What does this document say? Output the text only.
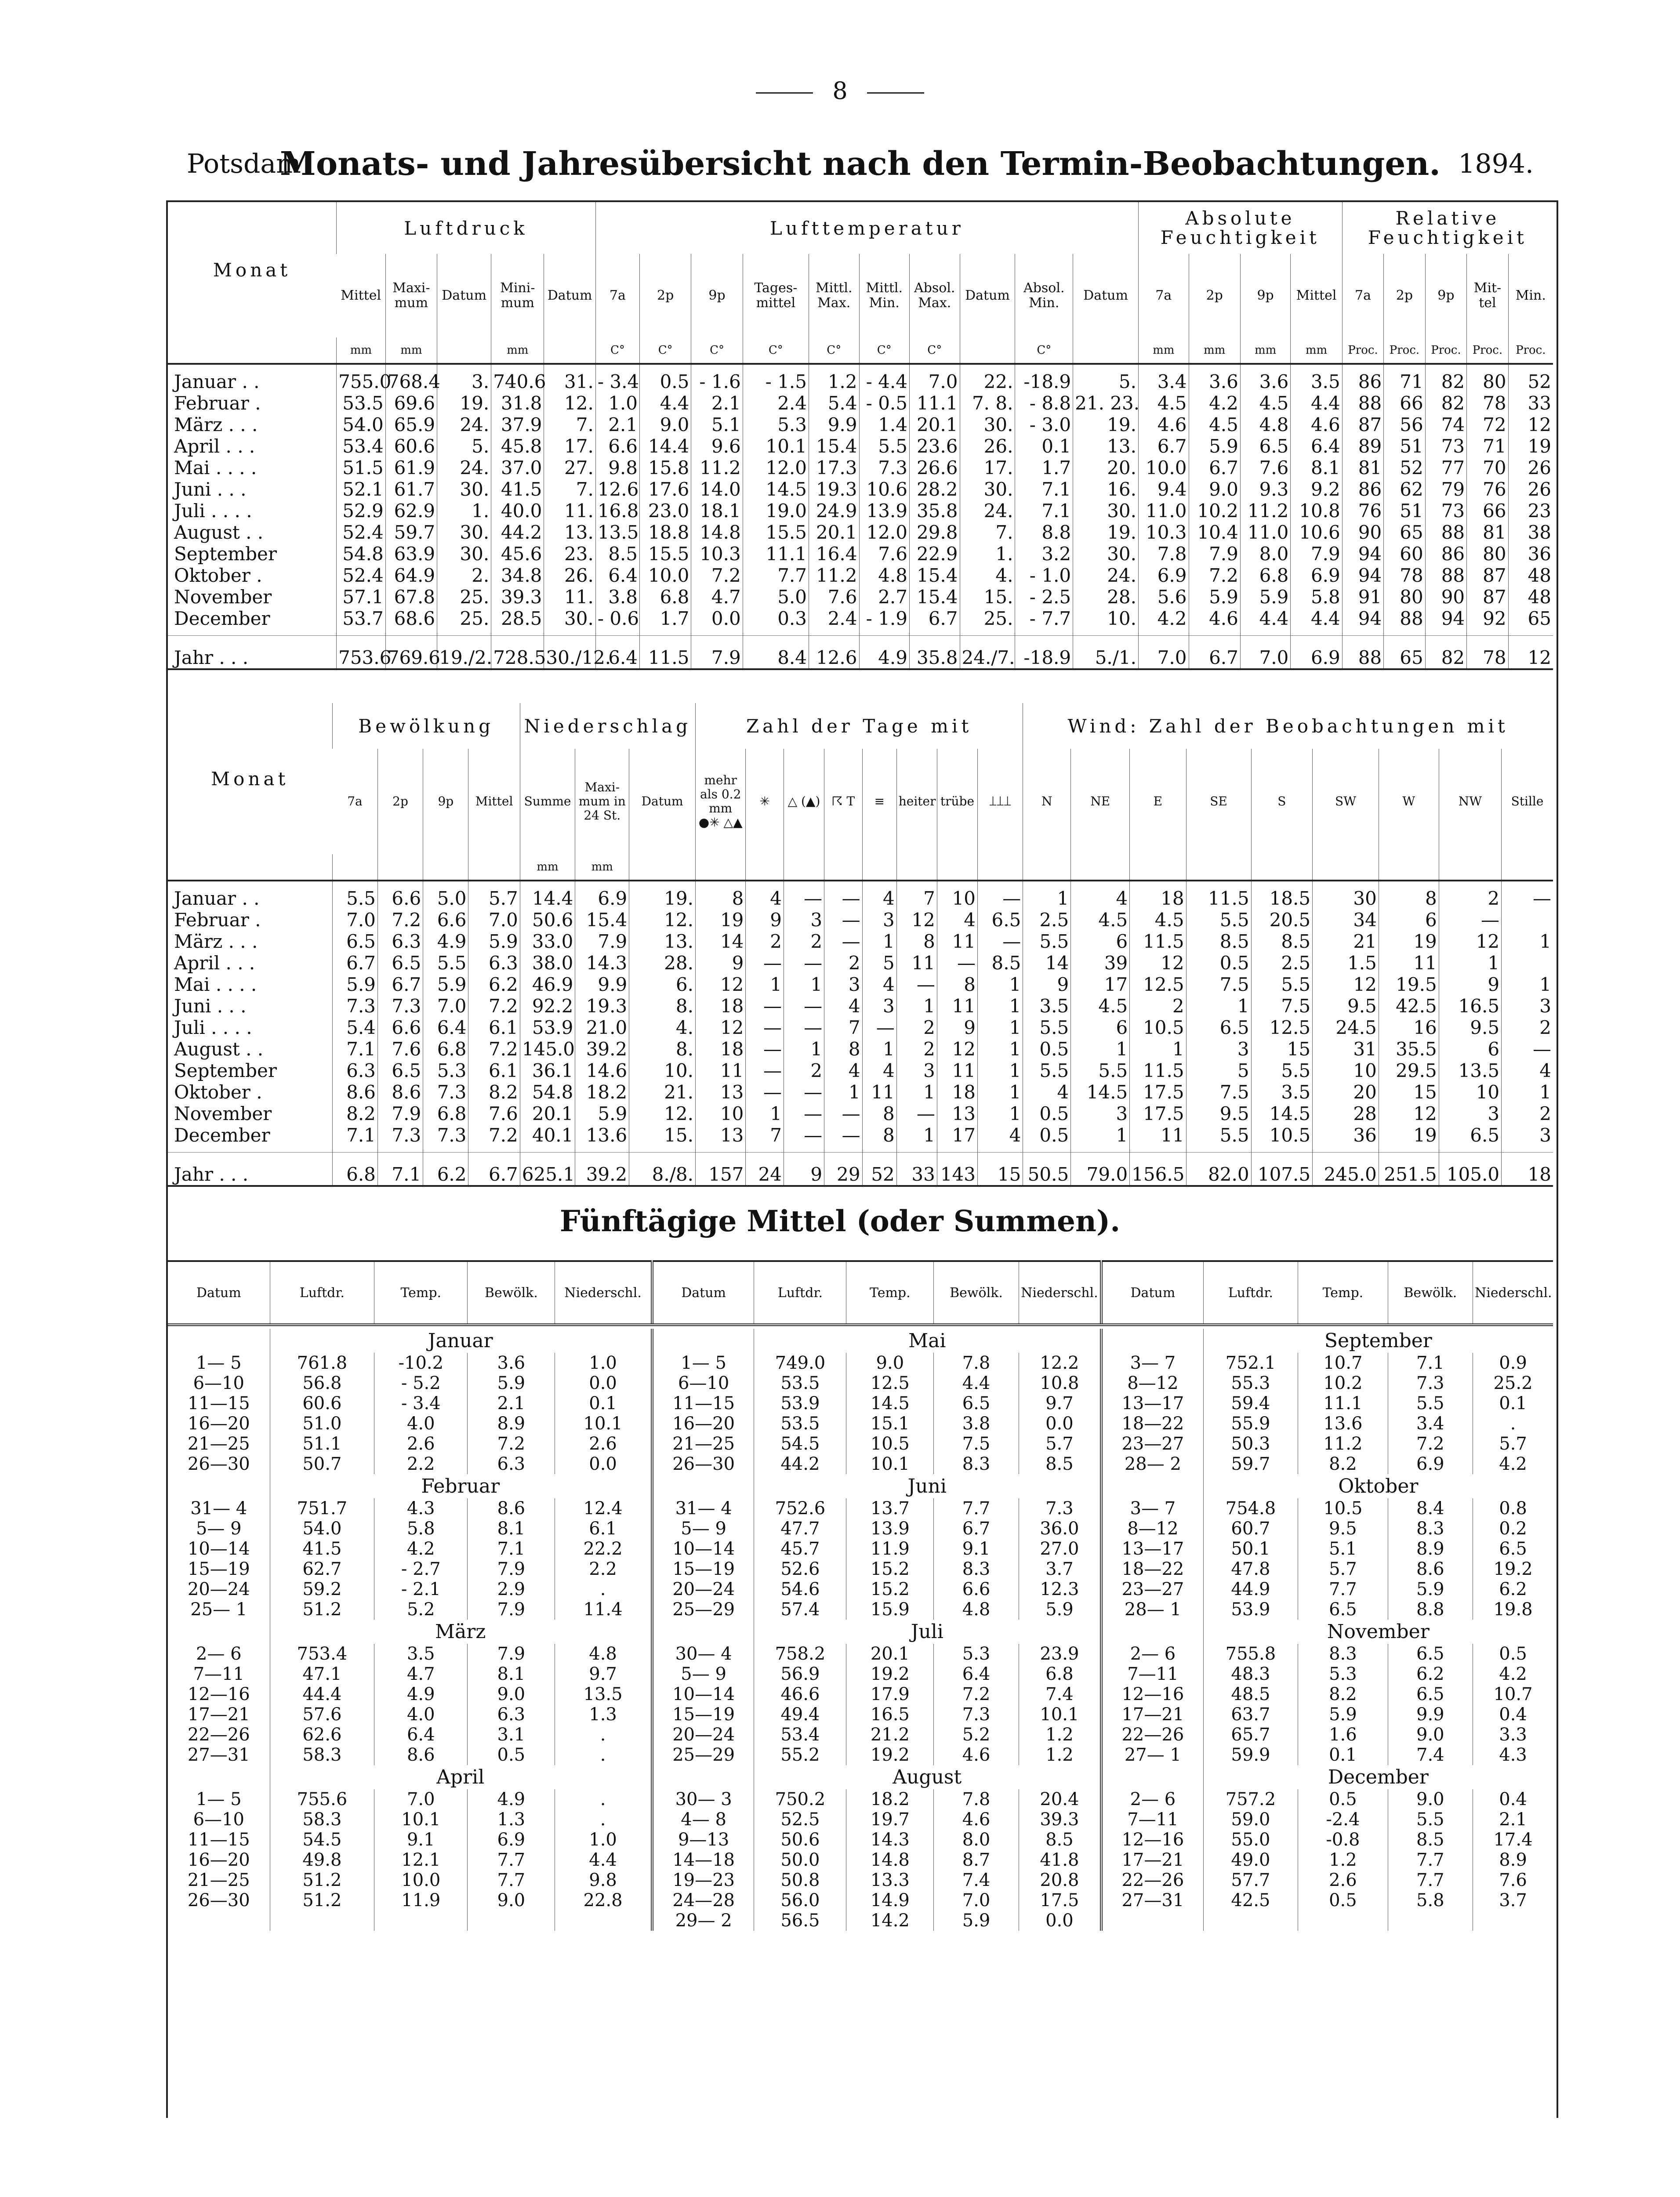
8
Potsdam
Monats- und Jahresübersicht nach den Termin-Beobachtungen. 1894.
Monat	Luftdruck					Lufttemperatur										Absolute Feuchtigkeit				Relative Feuchtigkeit				
	Mittel	Maxi-mum	Datum	Mini-mum	Datum	7a	2p	9p	Tages-mittel	Mittl. Max.	Mittl. Min.	Absol. Max.	Datum	Absol. Min.	Datum	7a	2p	9p	Mittel	7a	2p	9p	Mit-tel	Min.
	mm	mm		mm		C°	C°	C°	C°	C°	C°	C°		C°		mm	mm	mm	mm	Proc.	Proc.	Proc.	Proc.	Proc.

Januar . .	755.0	768.4	3.	740.6	31.	- 3.4	0.5	- 1.6	- 1.5	1.2	- 4.4	7.0	22.	-18.9	5.	3.4	3.6	3.6	3.5	86	71	82	80	52
Februar .	53.5	69.6	19.	31.8	12.	1.0	4.4	2.1	2.4	5.4	- 0.5	11.1	7. 8.	- 8.8	21. 23.	4.5	4.2	4.5	4.4	88	66	82	78	33
März . . .	54.0	65.9	24.	37.9	7.	2.1	9.0	5.1	5.3	9.9	1.4	20.1	30.	- 3.0	19.	4.6	4.5	4.8	4.6	87	56	74	72	12
April . . .	53.4	60.6	5.	45.8	17.	6.6	14.4	9.6	10.1	15.4	5.5	23.6	26.	0.1	13.	6.7	5.9	6.5	6.4	89	51	73	71	19
Mai . . . .	51.5	61.9	24.	37.0	27.	9.8	15.8	11.2	12.0	17.3	7.3	26.6	17.	1.7	20.	10.0	6.7	7.6	8.1	81	52	77	70	26
Juni . . .	52.1	61.7	30.	41.5	7.	12.6	17.6	14.0	14.5	19.3	10.6	28.2	30.	7.1	16.	9.4	9.0	9.3	9.2	86	62	79	76	26
Juli . . . .	52.9	62.9	1.	40.0	11.	16.8	23.0	18.1	19.0	24.9	13.9	35.8	24.	7.1	30.	11.0	10.2	11.2	10.8	76	51	73	66	23
August . .	52.4	59.7	30.	44.2	13.	13.5	18.8	14.8	15.5	20.1	12.0	29.8	7.	8.8	19.	10.3	10.4	11.0	10.6	90	65	88	81	38
September	54.8	63.9	30.	45.6	23.	8.5	15.5	10.3	11.1	16.4	7.6	22.9	1.	3.2	30.	7.8	7.9	8.0	7.9	94	60	86	80	36
Oktober .	52.4	64.9	2.	34.8	26.	6.4	10.0	7.2	7.7	11.2	4.8	15.4	4.	- 1.0	24.	6.9	7.2	6.8	6.9	94	78	88	87	48
November	57.1	67.8	25.	39.3	11.	3.8	6.8	4.7	5.0	7.6	2.7	15.4	15.	- 2.5	28.	5.6	5.9	5.9	5.8	91	80	90	87	48
December	53.7	68.6	25.	28.5	30.	- 0.6	1.7	0.0	0.3	2.4	- 1.9	6.7	25.	- 7.7	10.	4.2	4.6	4.4	4.4	94	88	94	92	65

Jahr . . .	753.6	769.6	19./2.	728.5	30./12.	6.4	11.5	7.9	8.4	12.6	4.9	35.8	24./7.	-18.9	5./1.	7.0	6.7	7.0	6.9	88	65	82	78	12
Monat	Bewölkung				Niederschlag			Zahl der Tage mit								Wind: Zahl der Beobachtungen mit								
	7a	2p	9p	Mittel	Summe	Maxi-mum in 24 St.	Datum	mehr als 0.2 mm ●✳ △▲	✳	△ (▲)	☈ T	≡	heiter	trübe	⟘⟘⟘	N	NE	E	SE	S	SW	W	NW	Stille
					mm	mm																		

Januar . .	5.5	6.6	5.0	5.7	14.4	6.9	19.	8	4	—	—	4	7	10	—	1	4	18	11.5	18.5	30	8	2	—
Februar .	7.0	7.2	6.6	7.0	50.6	15.4	12.	19	9	3	—	3	12	4	6.5	2.5	4.5	4.5	5.5	20.5	34	6	—	
März . . .	6.5	6.3	4.9	5.9	33.0	7.9	13.	14	2	2	—	1	8	11	—	5.5	6	11.5	8.5	8.5	21	19	12	1
April . . .	6.7	6.5	5.5	6.3	38.0	14.3	28.	9	—	—	2	5	11	—	8.5	14	39	12	0.5	2.5	1.5	11	1	
Mai . . . .	5.9	6.7	5.9	6.2	46.9	9.9	6.	12	1	1	3	4	—	8	1	9	17	12.5	7.5	5.5	12	19.5	9	1
Juni . . .	7.3	7.3	7.0	7.2	92.2	19.3	8.	18	—	—	4	3	1	11	1	3.5	4.5	2	1	7.5	9.5	42.5	16.5	3
Juli . . . .	5.4	6.6	6.4	6.1	53.9	21.0	4.	12	—	—	7	—	2	9	1	5.5	6	10.5	6.5	12.5	24.5	16	9.5	2
August . .	7.1	7.6	6.8	7.2	145.0	39.2	8.	18	—	1	8	1	2	12	1	0.5	1	1	3	15	31	35.5	6	—
September	6.3	6.5	5.3	6.1	36.1	14.6	10.	11	—	2	4	4	3	11	1	5.5	5.5	11.5	5	5.5	10	29.5	13.5	4
Oktober .	8.6	8.6	7.3	8.2	54.8	18.2	21.	13	—	—	1	11	1	18	1	4	14.5	17.5	7.5	3.5	20	15	10	1
November	8.2	7.9	6.8	7.6	20.1	5.9	12.	10	1	—	—	8	—	13	1	0.5	3	17.5	9.5	14.5	28	12	3	2
December	7.1	7.3	7.3	7.2	40.1	13.6	15.	13	7	—	—	8	1	17	4	0.5	1	11	5.5	10.5	36	19	6.5	3

Jahr . . .	6.8	7.1	6.2	6.7	625.1	39.2	8./8.	157	24	9	29	52	33	143	15	50.5	79.0	156.5	82.0	107.5	245.0	251.5	105.0	18
Fünftägige Mittel (oder Summen).
Datum	Luftdr.	Temp.	Bewölk.	Niederschl.	Datum	Luftdr.	Temp.	Bewölk.	Niederschl.	Datum	Luftdr.	Temp.	Bewölk.	Niederschl.

	Januar					Mai					September			
1— 5	761.8	-10.2	3.6	1.0	1— 5	749.0	9.0	7.8	12.2	3— 7	752.1	10.7	7.1	0.9
6—10	56.8	- 5.2	5.9	0.0	6—10	53.5	12.5	4.4	10.8	8—12	55.3	10.2	7.3	25.2
11—15	60.6	- 3.4	2.1	0.1	11—15	53.9	14.5	6.5	9.7	13—17	59.4	11.1	5.5	0.1
16—20	51.0	4.0	8.9	10.1	16—20	53.5	15.1	3.8	0.0	18—22	55.9	13.6	3.4	.
21—25	51.1	2.6	7.2	2.6	21—25	54.5	10.5	7.5	5.7	23—27	50.3	11.2	7.2	5.7
26—30	50.7	2.2	6.3	0.0	26—30	44.2	10.1	8.3	8.5	28— 2	59.7	8.2	6.9	4.2
	Februar					Juni					Oktober			
31— 4	751.7	4.3	8.6	12.4	31— 4	752.6	13.7	7.7	7.3	3— 7	754.8	10.5	8.4	0.8
5— 9	54.0	5.8	8.1	6.1	5— 9	47.7	13.9	6.7	36.0	8—12	60.7	9.5	8.3	0.2
10—14	41.5	4.2	7.1	22.2	10—14	45.7	11.9	9.1	27.0	13—17	50.1	5.1	8.9	6.5
15—19	62.7	- 2.7	7.9	2.2	15—19	52.6	15.2	8.3	3.7	18—22	47.8	5.7	8.6	19.2
20—24	59.2	- 2.1	2.9	.	20—24	54.6	15.2	6.6	12.3	23—27	44.9	7.7	5.9	6.2
25— 1	51.2	5.2	7.9	11.4	25—29	57.4	15.9	4.8	5.9	28— 1	53.9	6.5	8.8	19.8
	März					Juli					November			
2— 6	753.4	3.5	7.9	4.8	30— 4	758.2	20.1	5.3	23.9	2— 6	755.8	8.3	6.5	0.5
7—11	47.1	4.7	8.1	9.7	5— 9	56.9	19.2	6.4	6.8	7—11	48.3	5.3	6.2	4.2
12—16	44.4	4.9	9.0	13.5	10—14	46.6	17.9	7.2	7.4	12—16	48.5	8.2	6.5	10.7
17—21	57.6	4.0	6.3	1.3	15—19	49.4	16.5	7.3	10.1	17—21	63.7	5.9	9.9	0.4
22—26	62.6	6.4	3.1	.	20—24	53.4	21.2	5.2	1.2	22—26	65.7	1.6	9.0	3.3
27—31	58.3	8.6	0.5	.	25—29	55.2	19.2	4.6	1.2	27— 1	59.9	0.1	7.4	4.3
	April					August					December			
1— 5	755.6	7.0	4.9	.	30— 3	750.2	18.2	7.8	20.4	2— 6	757.2	0.5	9.0	0.4
6—10	58.3	10.1	1.3	.	4— 8	52.5	19.7	4.6	39.3	7—11	59.0	-2.4	5.5	2.1
11—15	54.5	9.1	6.9	1.0	9—13	50.6	14.3	8.0	8.5	12—16	55.0	-0.8	8.5	17.4
16—20	49.8	12.1	7.7	4.4	14—18	50.0	14.8	8.7	41.8	17—21	49.0	1.2	7.7	8.9
21—25	51.2	10.0	7.7	9.8	19—23	50.8	13.3	7.4	20.8	22—26	57.7	2.6	7.7	7.6
26—30	51.2	11.9	9.0	22.8	24—28	56.0	14.9	7.0	17.5	27—31	42.5	0.5	5.8	3.7
					29— 2	56.5	14.2	5.9	0.0					
